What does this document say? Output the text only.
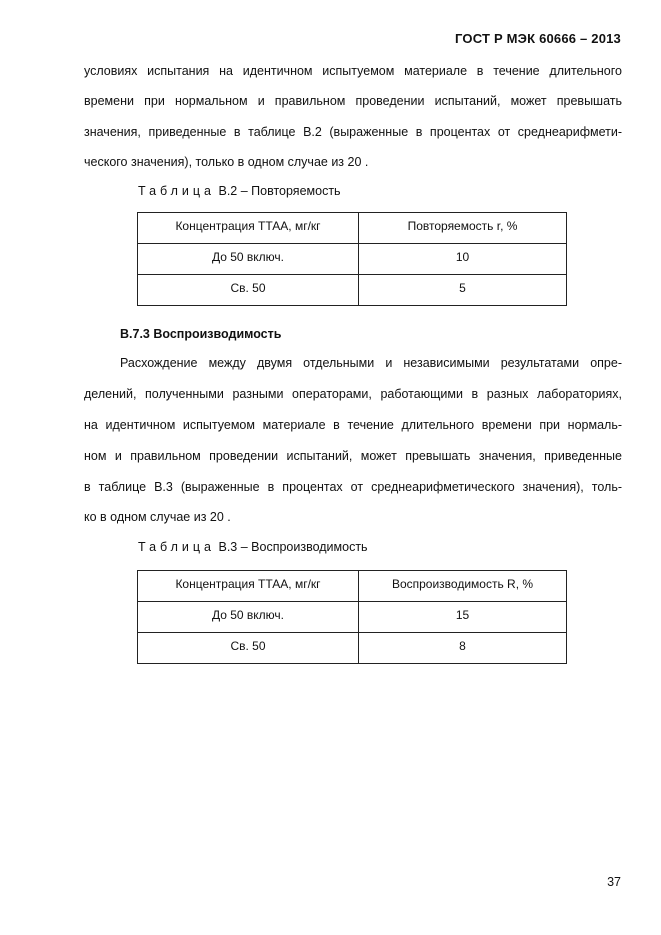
ГОСТ Р МЭК 60666 – 2013
условиях испытания на идентичном испытуемом материале в течение длительного
времени при нормальном и правильном проведении испытаний, может превышать
значения, приведенные в таблице В.2 (выраженные в процентах от среднеарифмети-
ческого значения), только в одном случае из 20 .
Таблица В.2 – Повторяемость
Концентрация ТТАА, мг/кг	Повторяемость r, %
До 50 включ.	10
Св. 50	5
В.7.3 Воспроизводимость
Расхождение между двумя отдельными и независимыми результатами опре-
делений, полученными разными операторами, работающими в разных лабораториях,
на идентичном испытуемом материале в течение длительного времени при нормаль-
ном и правильном проведении испытаний, может превышать значения, приведенные
в таблице В.3 (выраженные в процентах от среднеарифметического значения), толь-
ко в одном случае из 20 .
Таблица В.3 – Воспроизводимость
Концентрация ТТАА, мг/кг	Воспроизводимость R, %
До 50 включ.	15
Св. 50	8
37
